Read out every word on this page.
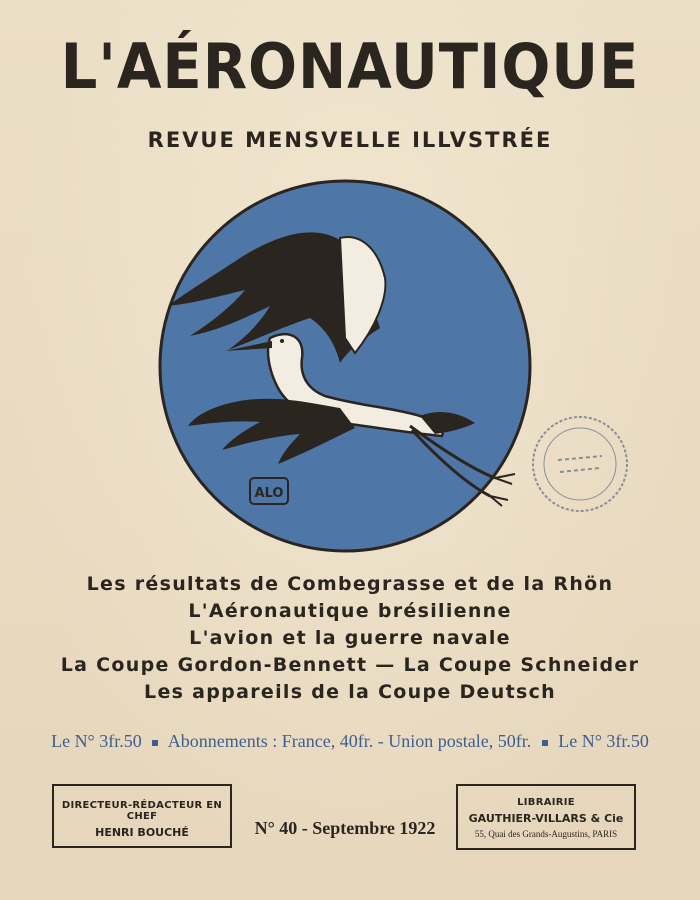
L'AÉRONAUTIQUE
REVUE MENSVELLE ILLVSTRÉE
ALO
Les résultats de Combegrasse et de la Rhön
L'Aéronautique brésilienne
L'avion et la guerre navale
La Coupe Gordon-Bennett — La Coupe Schneider
Les appareils de la Coupe Deutsch
Le N° 3fr.50 Abonnements : France, 40fr. - Union postale, 50fr. Le N° 3fr.50
DIRECTEUR-RÉDACTEUR EN CHEF
HENRI BOUCHÉ	N° 40 - Septembre 1922
LIBRAIRIE
GAUTHIER-VILLARS & Cie
55, Quai des Grands-Augustins, PARIS
